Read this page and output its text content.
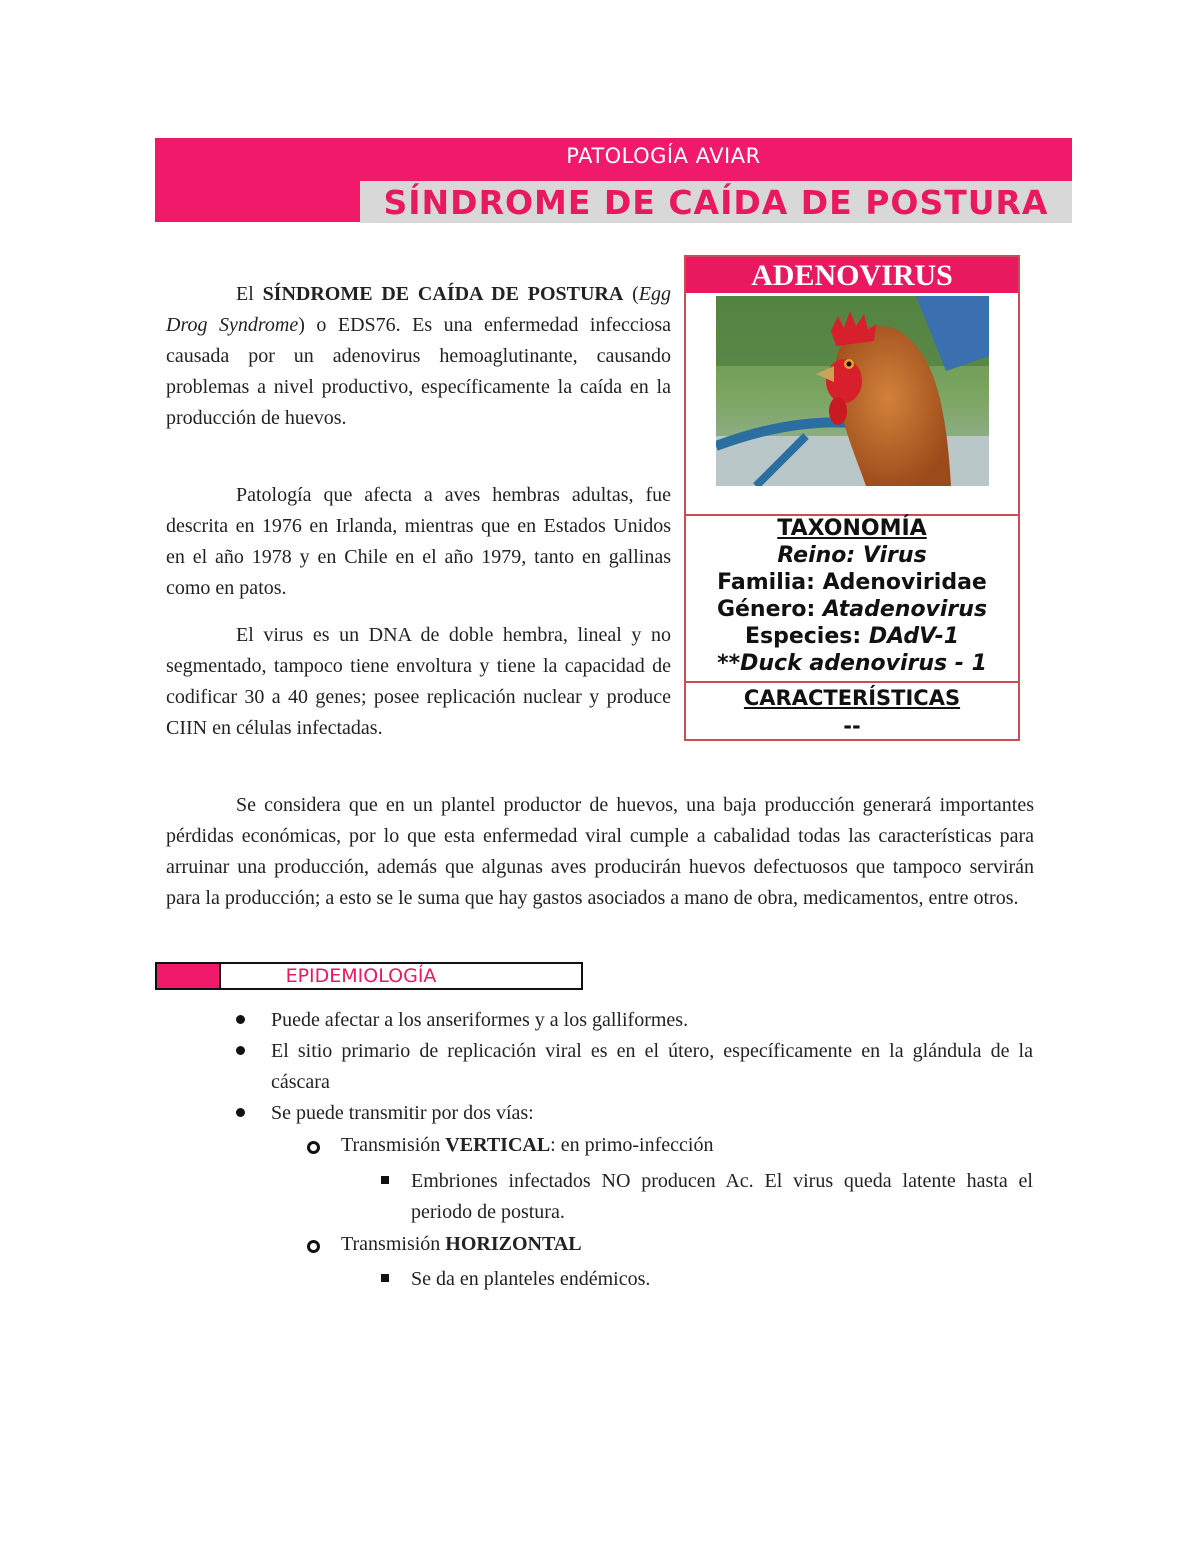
PATOLOGÍA AVIAR
SÍNDROME DE CAÍDA DE POSTURA
El SÍNDROME DE CAÍDA DE POSTURA (Egg Drog Syndrome) o EDS76. Es una enfermedad infecciosa causada por un adenovirus hemoaglutinante, causando problemas a nivel productivo, específicamente la caída en la producción de huevos.
Patología que afecta a aves hembras adultas, fue descrita en 1976 en Irlanda, mientras que en Estados Unidos en el año 1978 y en Chile en el año 1979, tanto en gallinas como en patos.
El virus es un DNA de doble hembra, lineal y no segmentado, tampoco tiene envoltura y tiene la capacidad de codificar 30 a 40 genes; posee replicación nuclear y produce CIIN en células infectadas.
Se considera que en un plantel productor de huevos, una baja producción generará importantes pérdidas económicas, por lo que esta enfermedad viral cumple a cabalidad todas las características para arruinar una producción, además que algunas aves producirán huevos defectuosos que tampoco servirán para la producción; a esto se le suma que hay gastos asociados a mano de obra, medicamentos, entre otros.
ADENOVIRUS
TAXONOMÍA
Reino: Virus
Familia: Adenoviridae
Género: Atadenovirus
Especies: DAdV-1
**Duck adenovirus - 1
CARACTERÍSTICAS
--
EPIDEMIOLOGÍA
Puede afectar a los anseriformes y a los galliformes.
El sitio primario de replicación viral es en el útero, específicamente en la glándula de la cáscara
Se puede transmitir por dos vías:
Transmisión VERTICAL: en primo-infección
Embriones infectados NO producen Ac. El virus queda latente hasta el periodo de postura.
Transmisión HORIZONTAL
Se da en planteles endémicos.
